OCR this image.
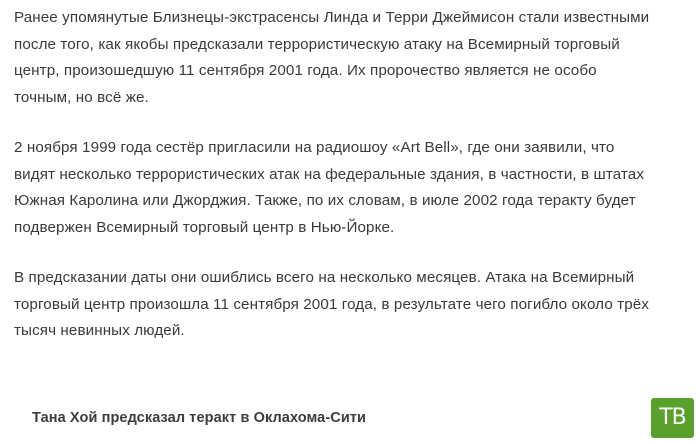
Ранее упомянутые Близнецы-экстрасенсы Линда и Терри Джеймисон стали известными
после того, как якобы предсказали террористическую атаку на Всемирный торговый
центр, произошедшую 11 сентября 2001 года. Их пророчество является не особо
точным, но всё же.

2 ноября 1999 года сестёр пригласили на радиошоу «Art Bell», где они заявили, что
видят несколько террористических атак на федеральные здания, в частности, в штатах
Южная Каролина или Джорджия. Также, по их словам, в июле 2002 года теракту будет
подвержен Всемирный торговый центр в Нью-Йорке.

В предсказании даты они ошиблись всего на несколько месяцев. Атака на Всемирный
торговый центр произошла 11 сентября 2001 года, в результате чего погибло около трёх
тысяч невинных людей.

Тана Хой предсказал теракт в Оклахома-Сити	ТВ
